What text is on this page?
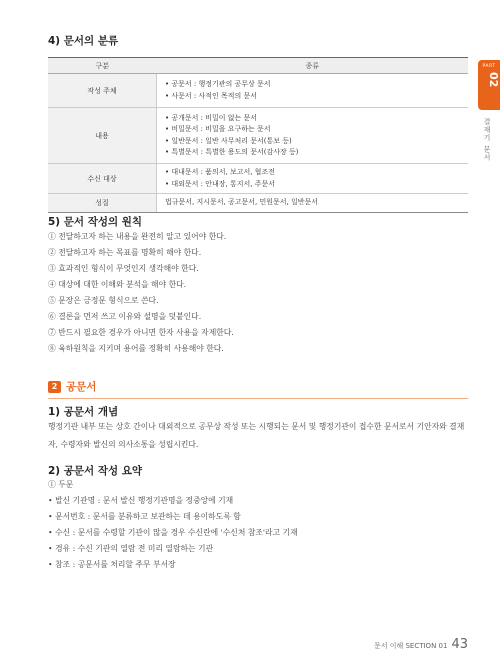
4) 문서의 분류
구분	종류
작성 주체	• 공문서 : 행정기관의 공무상 문서
• 사문서 : 사적인 목적의 문서

내용	• 공개문서 : 비밀이 없는 문서
• 비밀문서 : 비밀을 요구하는 문서
• 일반문서 : 일반 사무처리 문서(통보 등)
• 특별문서 : 특별한 용도의 문서(감사장 등)

수신 대상	• 대내문서 : 품의서, 보고서, 협조전
• 대외문서 : 안내장, 통지서, 주문서

성질	법규문서, 지시문서, 공고문서, 민원문서, 일반문서
5) 문서 작성의 원칙
① 전달하고자 하는 내용을 완전히 알고 있어야 한다.
② 전달하고자 하는 목표를 명확히 해야 한다.
③ 효과적인 형식이 무엇인지 생각해야 한다.
④ 대상에 대한 이해와 분석을 해야 한다.
⑤ 문장은 긍정문 형식으로 쓴다.
⑥ 결론을 먼저 쓰고 이유와 설명을 덧붙인다.
⑦ 반드시 필요한 경우가 아니면 한자 사용을 자제한다.
⑧ 육하원칙을 지키며 용어를 정확히 사용해야 한다.
2 공문서
1) 공문서 개념
행정기관 내부 또는 상호 간이나 대외적으로 공무상 작성 또는 시행되는 문서 및 행정기관이 접수한 문서로서 기안자와 결재자, 수령자와 발신의 의사소통을 성립시킨다.
2) 공문서 작성 요약
① 두문
• 발신 기관명 : 문서 발신 행정기관명을 정중앙에 기재
• 문서번호 : 문서를 분류하고 보관하는 데 용이하도록 함
• 수신 : 문서를 수령할 기관이 많을 경우 수신란에 '수신처 참조'라고 기재
• 경유 : 수신 기관의 열람 전 미리 열람하는 기관
• 참조 : 공문서를 처리할 주무 부서장
PART
02
결재기 문서
문서 이해 SECTION 01 43
